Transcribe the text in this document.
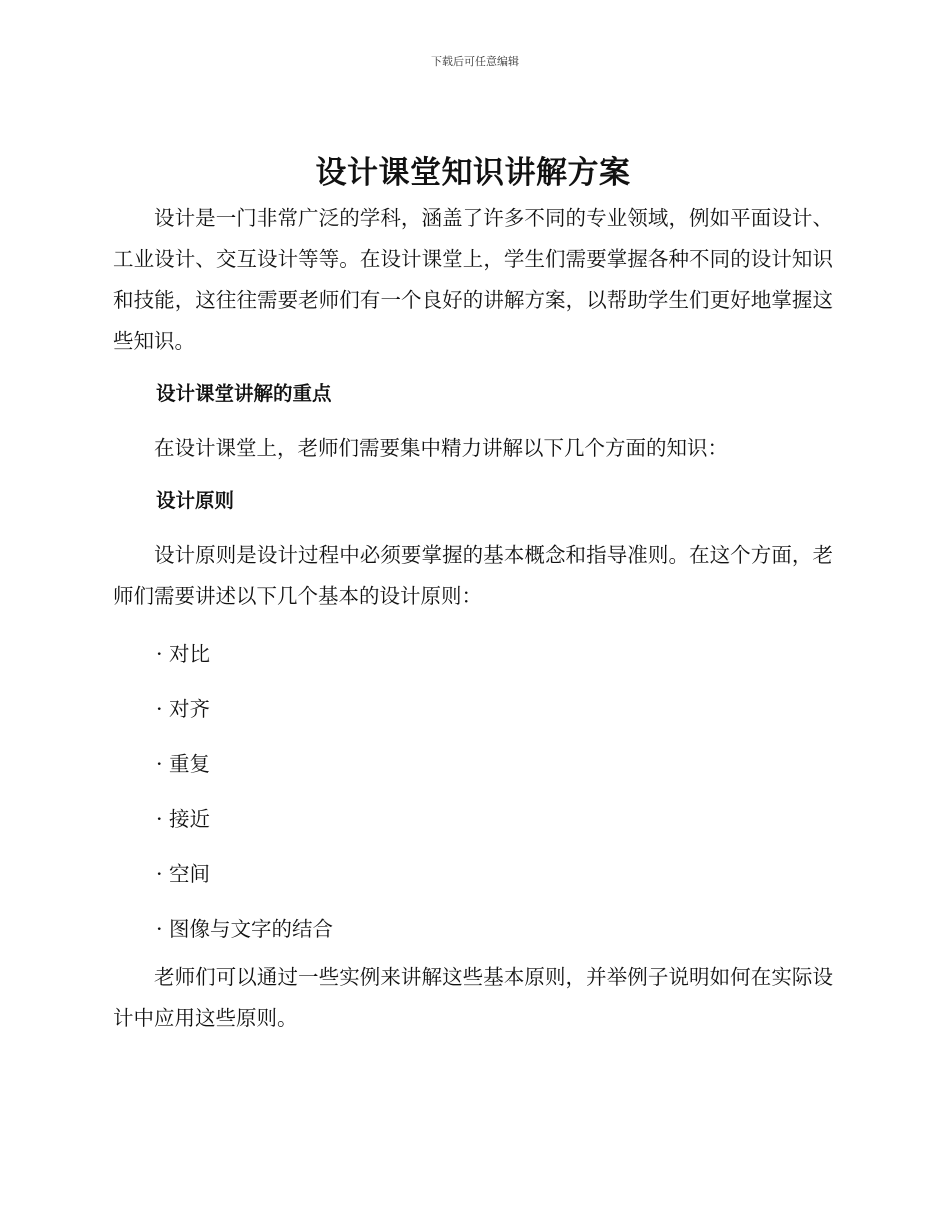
下载后可任意编辑
设计课堂知识讲解方案

设计是一门非常广泛的学科，涵盖了许多不同的专业领域，例如平面设计、工业设计、交互设计等等。在设计课堂上，学生们需要掌握各种不同的设计知识和技能，这往往需要老师们有一个良好的讲解方案，以帮助学生们更好地掌握这些知识。

设计课堂讲解的重点

在设计课堂上，老师们需要集中精力讲解以下几个方面的知识：

设计原则

设计原则是设计过程中必须要掌握的基本概念和指导准则。在这个方面，老师们需要讲述以下几个基本的设计原则：

· 对比
· 对齐
· 重复
· 接近
· 空间
· 图像与文字的结合

老师们可以通过一些实例来讲解这些基本原则，并举例子说明如何在实际设计中应用这些原则。
